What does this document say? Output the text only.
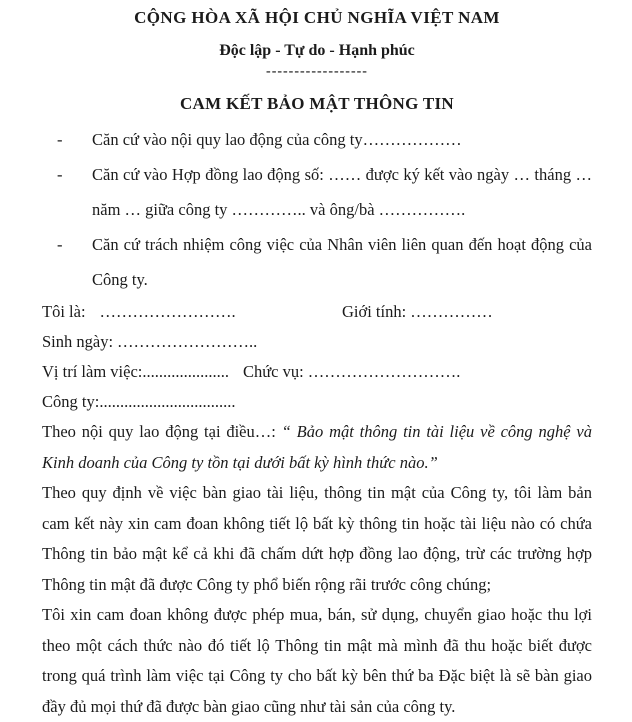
CỘNG HÒA XÃ HỘI CHỦ NGHĨA VIỆT NAM
Độc lập - Tự do - Hạnh phúc
------------------
CAM KẾT BẢO MẬT THÔNG TIN
- Căn cứ vào nội quy lao động của công ty………………
- Căn cứ vào Hợp đồng lao động số: …… được ký kết vào ngày … tháng … năm … giữa công ty ………….. và ông/bà …………….
- Căn cứ trách nhiệm công việc của Nhân viên liên quan đến hoạt động của Công ty.

Tôi là: …………………….	Giới tính: ……………

Sinh ngày: ……………………..

Vị trí làm việc:..................... Chức vụ: ……………………….

Công ty:.................................

Theo nội quy lao động tại điều…: “ Bảo mật thông tin tài liệu về công nghệ và Kinh doanh của Công ty tồn tại dưới bất kỳ hình thức nào.”

Theo quy định về việc bàn giao tài liệu, thông tin mật của Công ty, tôi làm bản cam kết này xin cam đoan không tiết lộ bất kỳ thông tin hoặc tài liệu nào có chứa Thông tin bảo mật kể cả khi đã chấm dứt hợp đồng lao động, trừ các trường hợp Thông tin mật đã được Công ty phổ biến rộng rãi trước công chúng;

Tôi xin cam đoan không được phép mua, bán, sử dụng, chuyển giao hoặc thu lợi theo một cách thức nào đó tiết lộ Thông tin mật mà mình đã thu hoặc biết được trong quá trình làm việc tại Công ty cho bất kỳ bên thứ ba Đặc biệt là sẽ bàn giao đầy đủ mọi thứ đã được bàn giao cũng như tài sản của công ty.
